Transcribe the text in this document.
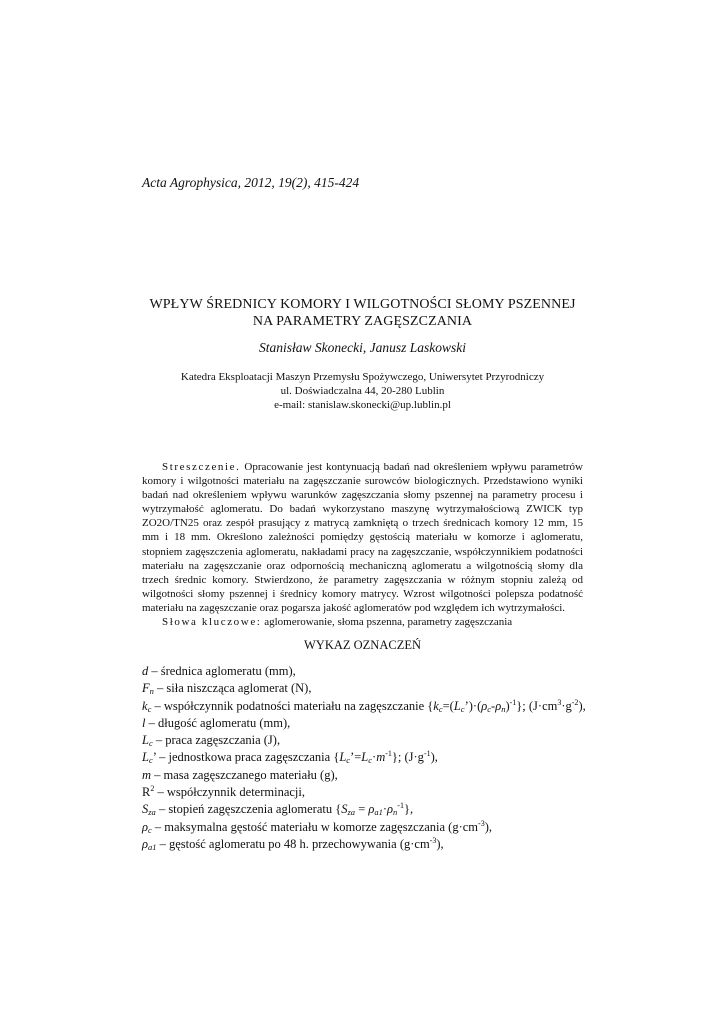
Acta Agrophysica, 2012, 19(2), 415-424
WPŁYW ŚREDNICY KOMORY I WILGOTNOŚCI SŁOMY PSZENNEJ
NA PARAMETRY ZAGĘSZCZANIA
Stanisław Skonecki, Janusz Laskowski
Katedra Eksploatacji Maszyn Przemysłu Spożywczego, Uniwersytet Przyrodniczy
ul. Doświadczalna 44, 20-280 Lublin
e-mail: stanislaw.skonecki@up.lublin.pl

Streszczenie. Opracowanie jest kontynuacją badań nad określeniem wpływu parametrów komory i wilgotności materiału na zagęszczanie surowców biologicznych. Przedstawiono wyniki badań nad określeniem wpływu warunków zagęszczania słomy pszennej na parametry procesu i wytrzymałość aglomeratu. Do badań wykorzystano maszynę wytrzymałościową ZWICK typ ZO2O/TN25 oraz zespół prasujący z matrycą zamkniętą o trzech średnicach komory 12 mm, 15 mm i 18 mm. Określono zależności pomiędzy gęstością materiału w komorze i aglomeratu, stopniem zagęszczenia aglomeratu, nakładami pracy na zagęszczanie, współczynnikiem podatności materiału na zagęszczanie oraz odpornością mechaniczną aglomeratu a wilgotnością słomy dla trzech średnic komory. Stwierdzono, że parametry zagęszczania w różnym stopniu zależą od wilgotności słomy pszennej i średnicy komory matrycy. Wzrost wilgotności polepsza podatność materiału na zagęszczanie oraz pogarsza jakość aglomeratów pod względem ich wytrzymałości.

Słowa kluczowe: aglomerowanie, słoma pszenna, parametry zagęszczania

WYKAZ OZNACZEŃ
d – średnica aglomeratu (mm),
$F_n$ – siła niszcząca aglomerat (N),
$k_c$ – współczynnik podatności materiału na zagęszczanie $\{k_c=(L_c’)\cdot(\rho_c-\rho_n)^{-1}\}$; $(J\cdot cm^3\cdot g^{-2})$,
l – długość aglomeratu (mm),
$L_c$ – praca zagęszczania (J),
$L_c$’ – jednostkowa praca zagęszczania $\{L_c’=L_c\cdot m^{-1}\}$; $(J\cdot g^{-1})$,
m – masa zagęszczanego materiału (g),
$R^2$ – współczynnik determinacji,
$S_{za}$ – stopień zagęszczenia aglomeratu $\{S_{za} = \rho_{a1}\cdot\rho_n^{-1}\}$,
$\rho_c$ – maksymalna gęstość materiału w komorze zagęszczania $(g\cdot cm^{-3})$,
$\rho_{a1}$ – gęstość aglomeratu po 48 h. przechowywania $(g\cdot cm^{-3})$,
